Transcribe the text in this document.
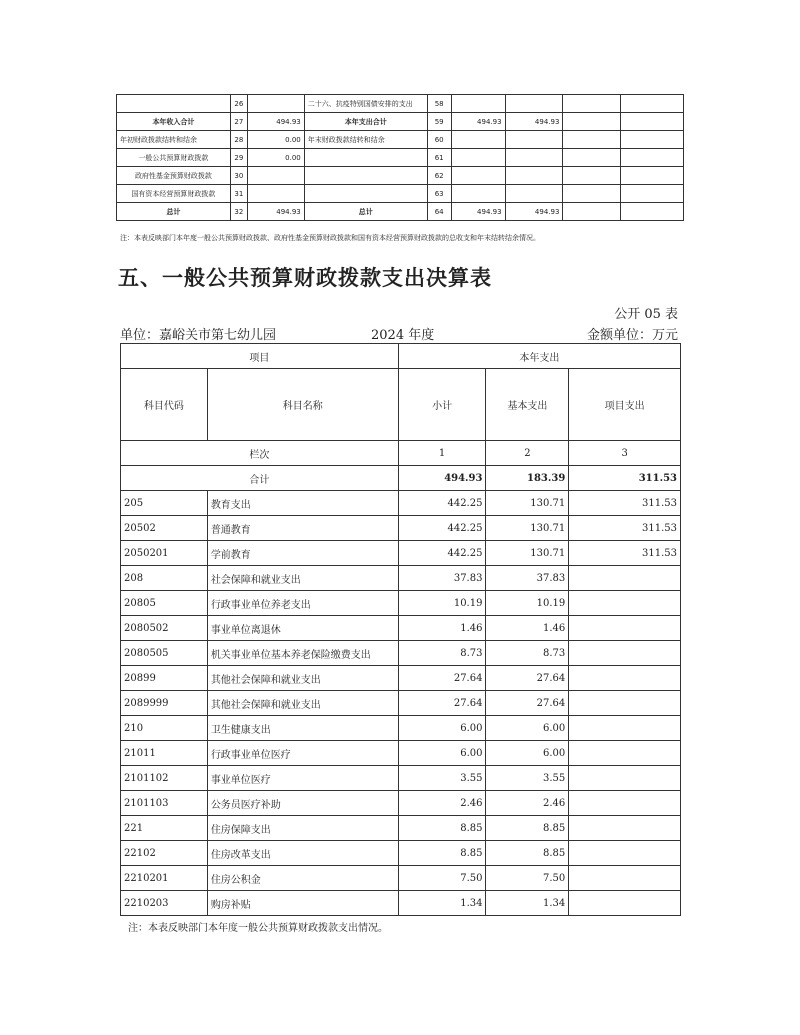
	26		二十六、抗疫特别国债安排的支出	58				
本年收入合计	27	494.93	本年支出合计	59	494.93	494.93		
年初财政拨款结转和结余	28	0.00	年末财政拨款结转和结余	60				
一般公共预算财政拨款	29	0.00		61				
政府性基金预算财政拨款	30			62				
国有资本经营预算财政拨款	31			63				
总计	32	494.93	总计	64	494.93	494.93		
注：本表反映部门本年度一般公共预算财政拨款、政府性基金预算财政拨款和国有资本经营预算财政拨款的总收支和年末结转结余情况。
五、一般公共预算财政拨款支出决算表
公开 05 表
单位：嘉峪关市第七幼儿园	2024 年度	金额单位：万元
项目		本年支出		
科目代码	科目名称	小计	基本支出	项目支出
栏次		1	2	3
合计		494.93	183.39	311.53
205	教育支出	442.25	130.71	311.53
20502	普通教育	442.25	130.71	311.53
2050201	学前教育	442.25	130.71	311.53
208	社会保障和就业支出	37.83	37.83	
20805	行政事业单位养老支出	10.19	10.19	
2080502	事业单位离退休	1.46	1.46	
2080505	机关事业单位基本养老保险缴费支出	8.73	8.73	
20899	其他社会保障和就业支出	27.64	27.64	
2089999	其他社会保障和就业支出	27.64	27.64	
210	卫生健康支出	6.00	6.00	
21011	行政事业单位医疗	6.00	6.00	
2101102	事业单位医疗	3.55	3.55	
2101103	公务员医疗补助	2.46	2.46	
221	住房保障支出	8.85	8.85	
22102	住房改革支出	8.85	8.85	
2210201	住房公积金	7.50	7.50	
2210203	购房补贴	1.34	1.34	
注：本表反映部门本年度一般公共预算财政拨款支出情况。
